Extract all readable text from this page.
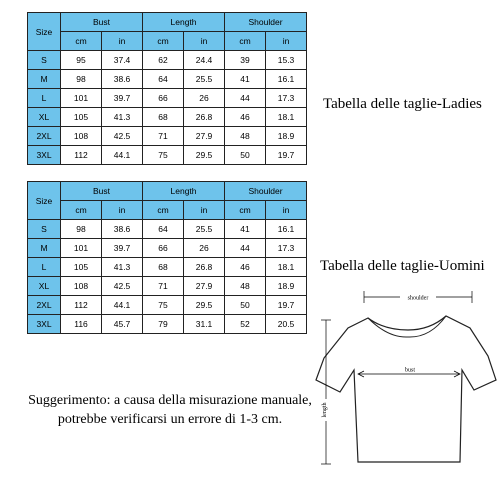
Size	Bust		Length		Shoulder	
	cm	in	cm	in	cm	in
S	95	37.4	62	24.4	39	15.3
M	98	38.6	64	25.5	41	16.1
L	101	39.7	66	26	44	17.3
XL	105	41.3	68	26.8	46	18.1
2XL	108	42.5	71	27.9	48	18.9
3XL	112	44.1	75	29.5	50	19.7
Tabella delle taglie-Ladies
Size	Bust		Length		Shoulder	
	cm	in	cm	in	cm	in
S	98	38.6	64	25.5	41	16.1
M	101	39.7	66	26	44	17.3
L	105	41.3	68	26.8	46	18.1
XL	108	42.5	71	27.9	48	18.9
2XL	112	44.1	75	29.5	50	19.7
3XL	116	45.7	79	31.1	52	20.5
Tabella delle taglie-Uomini
Suggerimento: a causa della misurazione manuale,
potrebbe verificarsi un errore di 1-3 cm.
shoulder
bust
length
